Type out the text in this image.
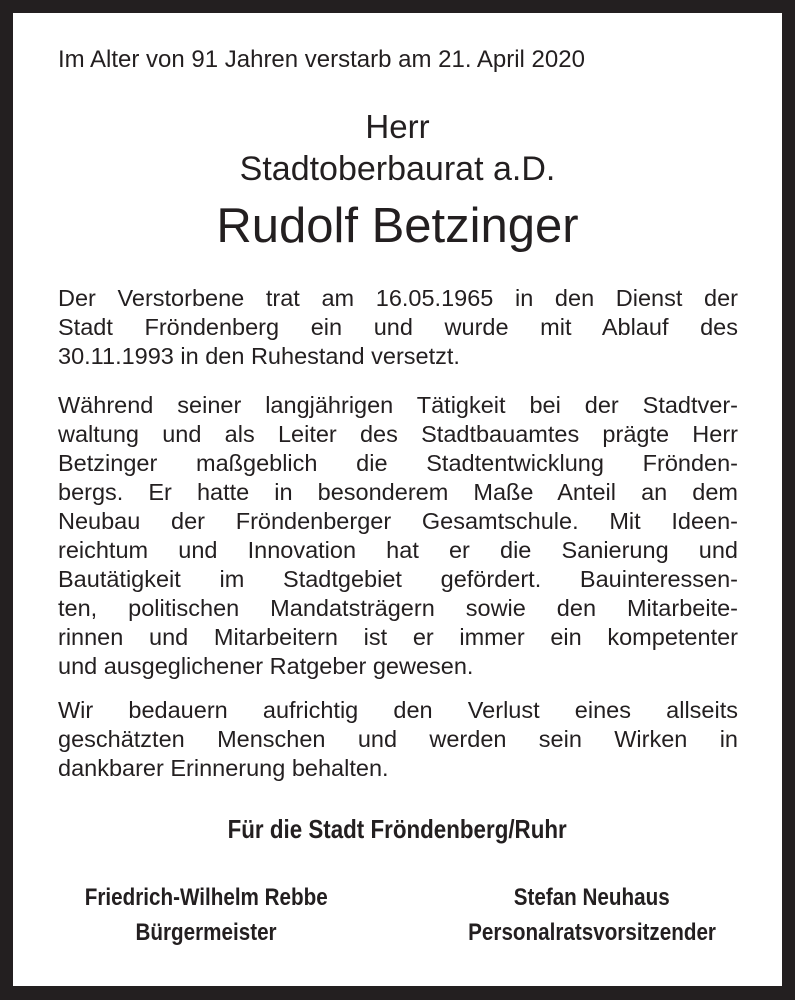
Im Alter von 91 Jahren verstarb am 21. April 2020
Herr
Stadtoberbaurat a.D.
Rudolf Betzinger
Der Verstorbene trat am 16.05.1965 in den Dienst der
Stadt Fröndenberg ein und wurde mit Ablauf des
30.11.1993 in den Ruhestand versetzt.
Während seiner langjährigen Tätigkeit bei der Stadtver-
waltung und als Leiter des Stadtbauamtes prägte Herr
Betzinger maßgeblich die Stadtentwicklung Frönden-
bergs. Er hatte in besonderem Maße Anteil an dem
Neubau der Fröndenberger Gesamtschule. Mit Ideen-
reichtum und Innovation hat er die Sanierung und
Bautätigkeit im Stadtgebiet gefördert. Bauinteressen-
ten, politischen Mandatsträgern sowie den Mitarbeite-
rinnen und Mitarbeitern ist er immer ein kompetenter
und ausgeglichener Ratgeber gewesen.
Wir bedauern aufrichtig den Verlust eines allseits
geschätzten Menschen und werden sein Wirken in
dankbarer Erinnerung behalten.
Für die Stadt Fröndenberg/Ruhr
Friedrich-Wilhelm Rebbe
Bürgermeister
Stefan Neuhaus
Personalratsvorsitzender
